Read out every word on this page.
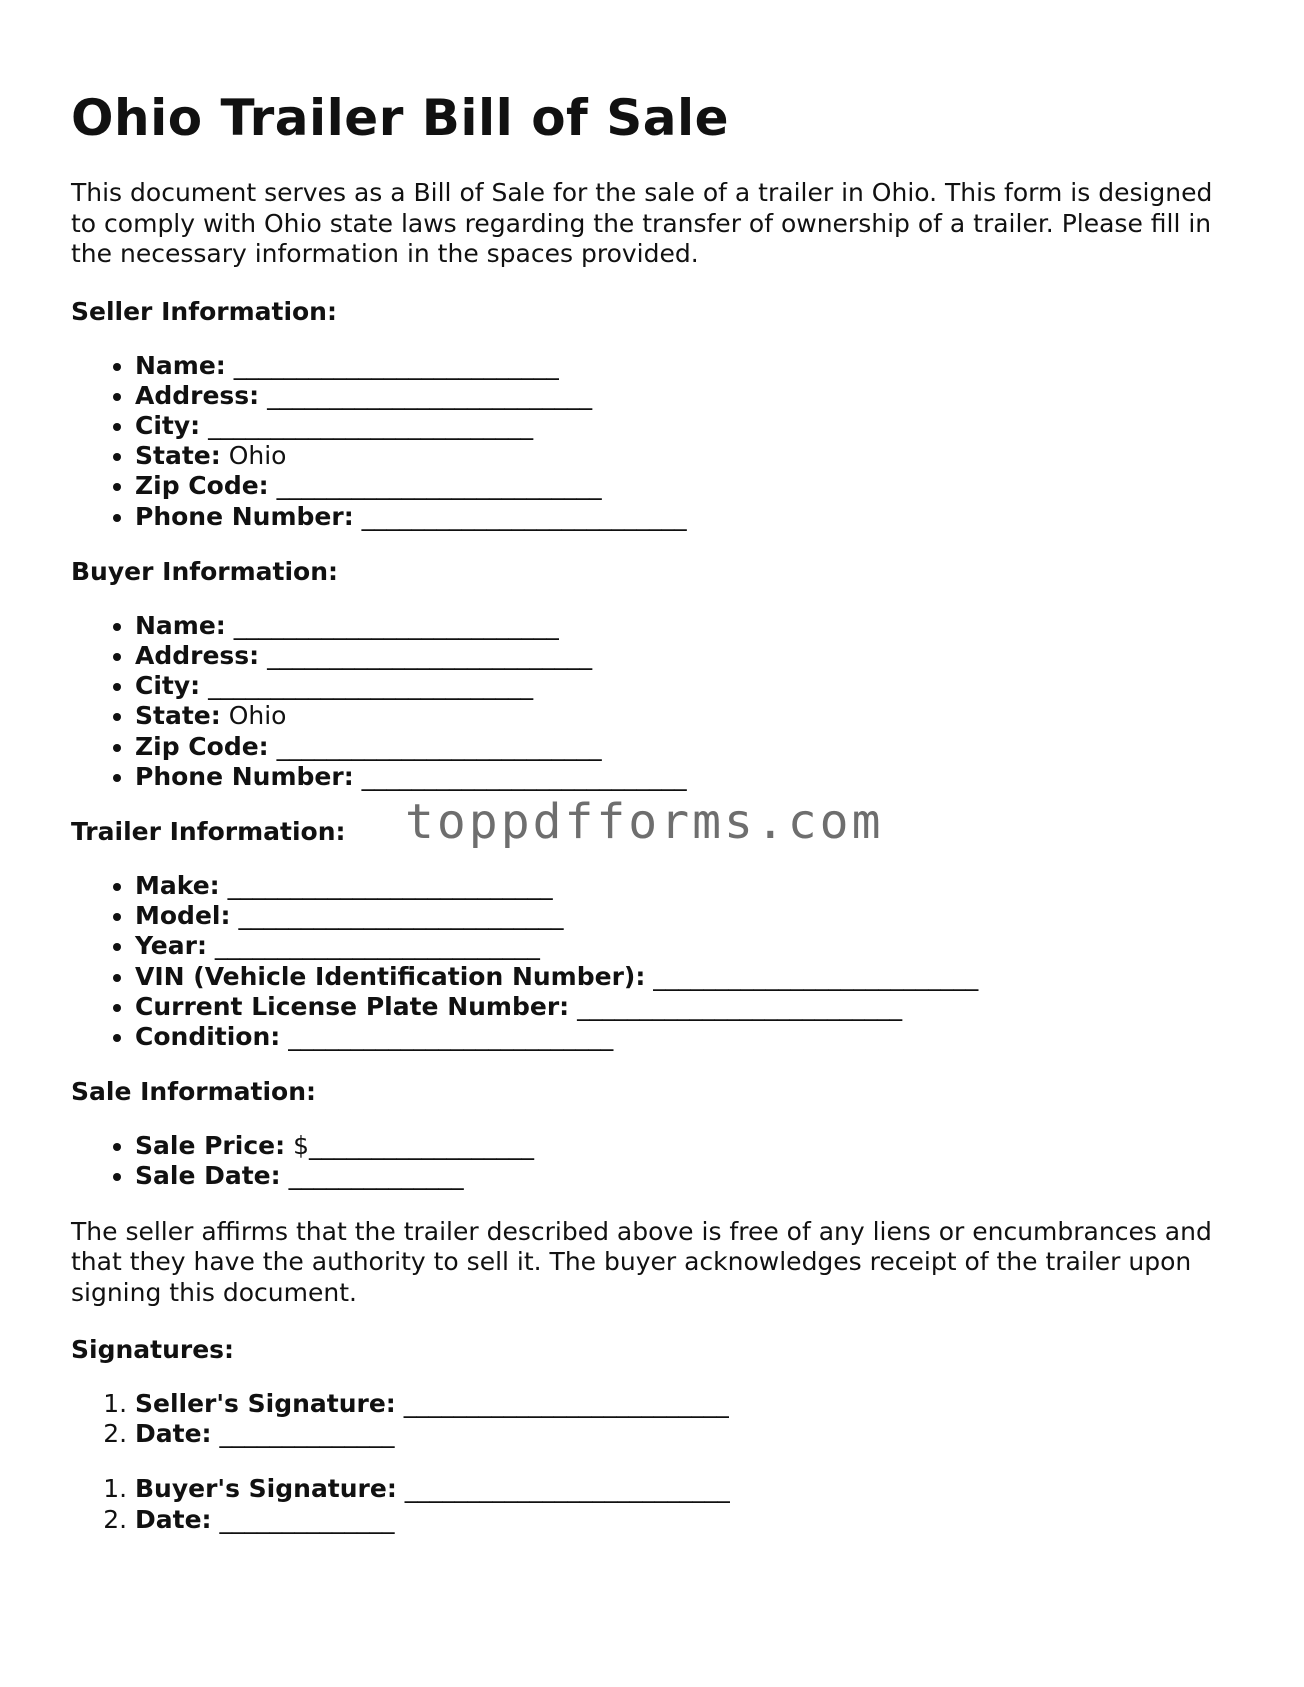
Ohio Trailer Bill of Sale

This document serves as a Bill of Sale for the sale of a trailer in Ohio. This form is designed to comply with Ohio state laws regarding the transfer of ownership of a trailer. Please fill in the necessary information in the spaces provided.

Seller Information:
• Name: __________________________
• Address: __________________________
• City: __________________________
• State: Ohio
• Zip Code: __________________________
• Phone Number: __________________________
Buyer Information:
• Name: __________________________
• Address: __________________________
• City: __________________________
• State: Ohio
• Zip Code: __________________________
• Phone Number: __________________________
Trailer Information: toppdfforms.com
• Make: __________________________
• Model: __________________________
• Year: __________________________
• VIN (Vehicle Identification Number): __________________________
• Current License Plate Number: __________________________
• Condition: __________________________
Sale Information:
• Sale Price: $__________________
• Sale Date: ______________

The seller affirms that the trailer described above is free of any liens or encumbrances and that they have the authority to sell it. The buyer acknowledges receipt of the trailer upon signing this document.

Signatures:
1. Seller's Signature: __________________________
2. Date: ______________
1. Buyer's Signature: __________________________
2. Date: ______________
